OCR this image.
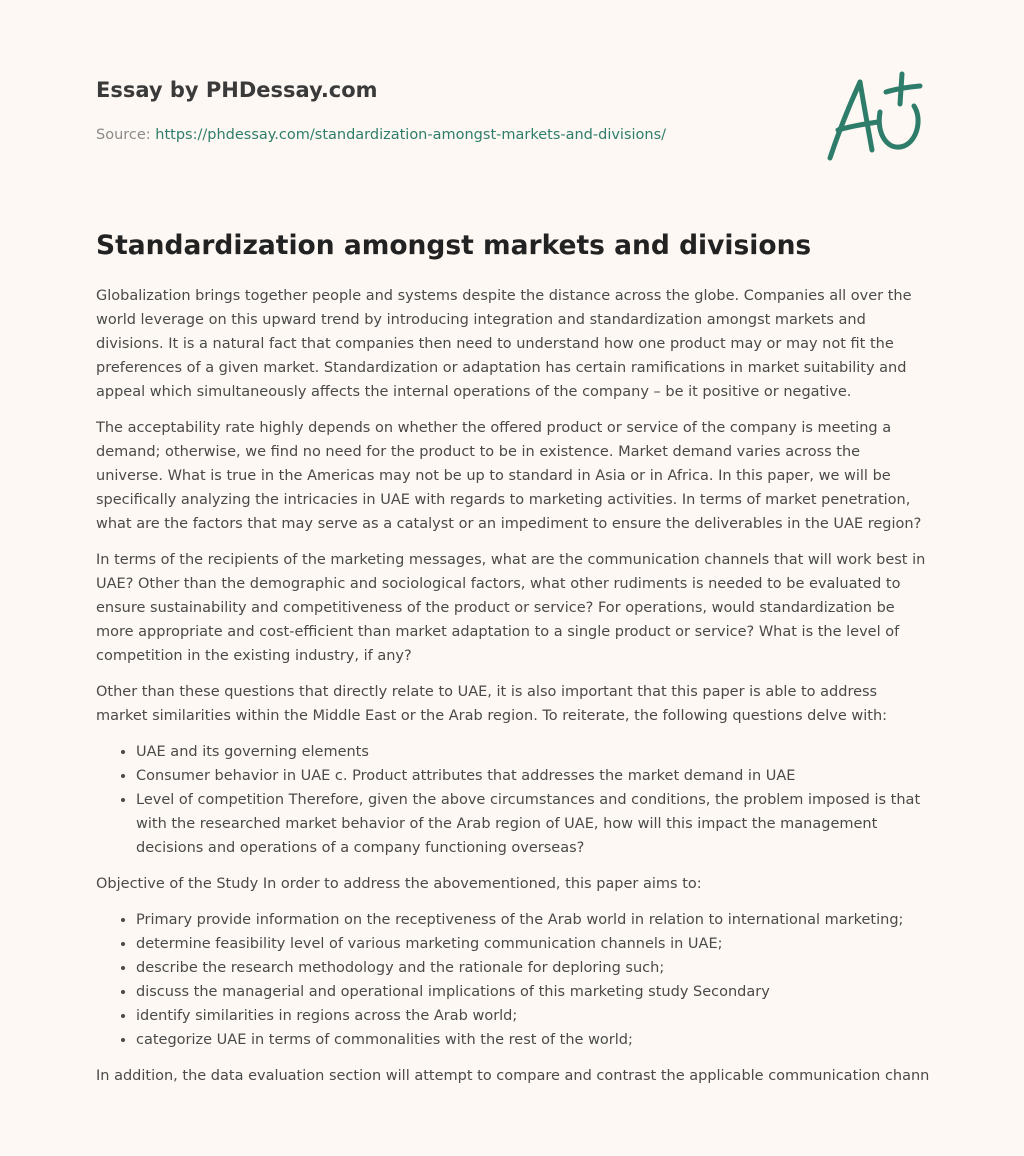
Essay by PHDessay.com
Source: https://phdessay.com/standardization-amongst-markets-and-divisions/
Standardization amongst markets and divisions

Globalization brings together people and systems despite the distance across the globe. Companies all over the world leverage on this upward trend by introducing integration and standardization amongst markets and divisions. It is a natural fact that companies then need to understand how one product may or may not fit the preferences of a given market. Standardization or adaptation has certain ramifications in market suitability and appeal which simultaneously affects the internal operations of the company – be it positive or negative.

The acceptability rate highly depends on whether the offered product or service of the company is meeting a demand; otherwise, we find no need for the product to be in existence. Market demand varies across the universe. What is true in the Americas may not be up to standard in Asia or in Africa. In this paper, we will be specifically analyzing the intricacies in UAE with regards to marketing activities. In terms of market penetration, what are the factors that may serve as a catalyst or an impediment to ensure the deliverables in the UAE region?

In terms of the recipients of the marketing messages, what are the communication channels that will work best in UAE? Other than the demographic and sociological factors, what other rudiments is needed to be evaluated to ensure sustainability and competitiveness of the product or service? For operations, would standardization be more appropriate and cost-efficient than market adaptation to a single product or service? What is the level of competition in the existing industry, if any?

Other than these questions that directly relate to UAE, it is also important that this paper is able to address market similarities within the Middle East or the Arab region. To reiterate, the following questions delve with:

• UAE and its governing elements
• Consumer behavior in UAE c. Product attributes that addresses the market demand in UAE
• Level of competition Therefore, given the above circumstances and conditions, the problem imposed is that with the researched market behavior of the Arab region of UAE, how will this impact the management decisions and operations of a company functioning overseas?

Objective of the Study In order to address the abovementioned, this paper aims to:

• Primary provide information on the receptiveness of the Arab world in relation to international marketing;
• determine feasibility level of various marketing communication channels in UAE;
• describe the research methodology and the rationale for deploring such;
• discuss the managerial and operational implications of this marketing study Secondary
• identify similarities in regions across the Arab world;
• categorize UAE in terms of commonalities with the rest of the world;

In addition, the data evaluation section will attempt to compare and contrast the applicable communication chann
